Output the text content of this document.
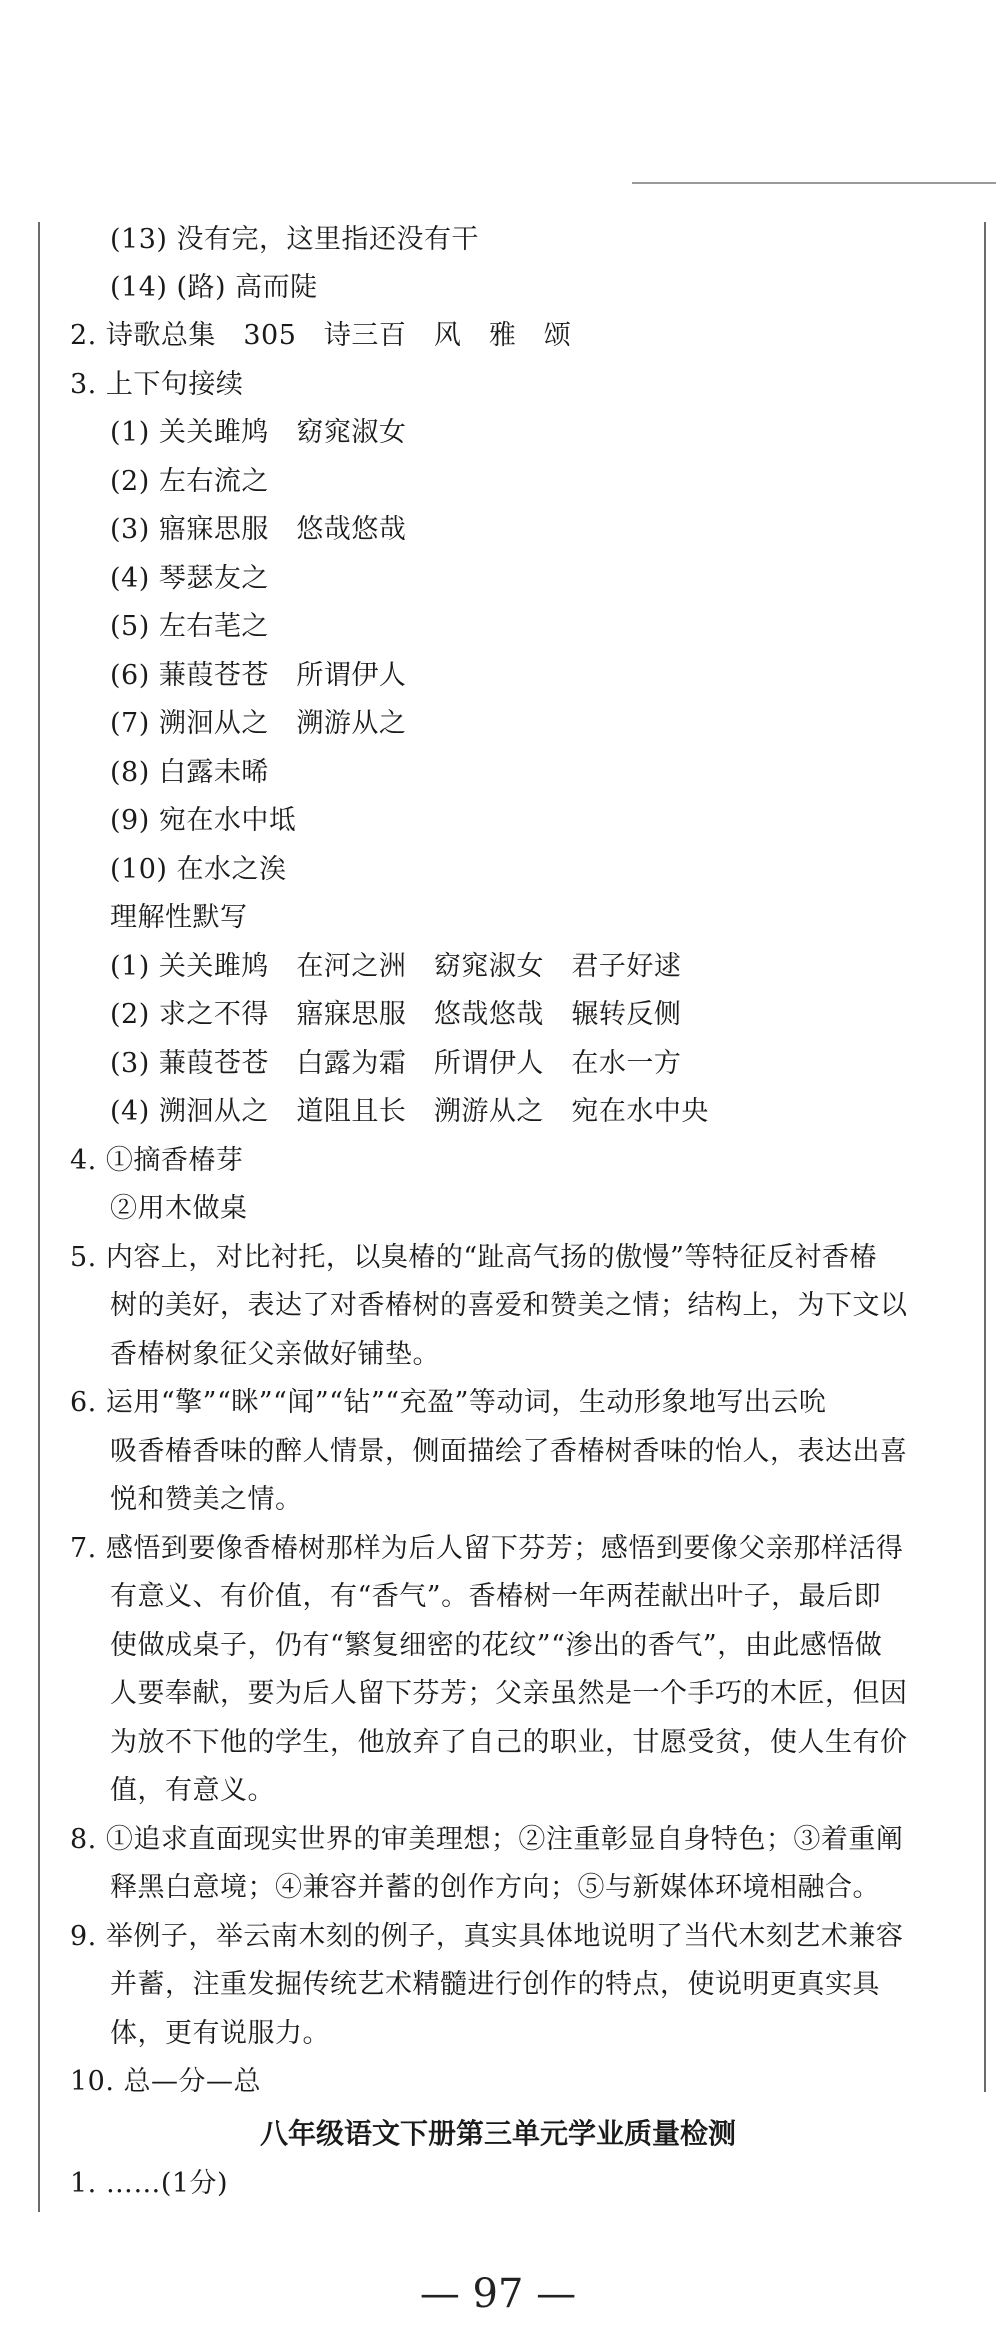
(13) 没有完，这里指还没有干
(14) (路) 高而陡
2. 诗歌总集　305　诗三百　风　雅　颂
3. 上下句接续
(1) 关关雎鸠　窈窕淑女
(2) 左右流之
(3) 寤寐思服　悠哉悠哉
(4) 琴瑟友之
(5) 左右芼之
(6) 蒹葭苍苍　所谓伊人
(7) 溯洄从之　溯游从之
(8) 白露未晞
(9) 宛在水中坻
(10) 在水之涘
理解性默写
(1) 关关雎鸠　在河之洲　窈窕淑女　君子好逑
(2) 求之不得　寤寐思服　悠哉悠哉　辗转反侧
(3) 蒹葭苍苍　白露为霜　所谓伊人　在水一方
(4) 溯洄从之　道阻且长　溯游从之　宛在水中央
4. ①摘香椿芽
②用木做桌
5. 内容上，对比衬托，以臭椿的“趾高气扬的傲慢”等特征反衬香椿
树的美好，表达了对香椿树的喜爱和赞美之情；结构上，为下文以
香椿树象征父亲做好铺垫。
6. 运用“擎”“眯”“闻”“钻”“充盈”等动词，生动形象地写出云吮
吸香椿香味的醉人情景，侧面描绘了香椿树香味的怡人，表达出喜
悦和赞美之情。
7. 感悟到要像香椿树那样为后人留下芬芳；感悟到要像父亲那样活得
有意义、有价值，有“香气”。香椿树一年两茬献出叶子，最后即
使做成桌子，仍有“繁复细密的花纹”“渗出的香气”，由此感悟做
人要奉献，要为后人留下芬芳；父亲虽然是一个手巧的木匠，但因
为放不下他的学生，他放弃了自己的职业，甘愿受贫，使人生有价
值，有意义。
8. ①追求直面现实世界的审美理想；②注重彰显自身特色；③着重阐
释黑白意境；④兼容并蓄的创作方向；⑤与新媒体环境相融合。
9. 举例子，举云南木刻的例子，真实具体地说明了当代木刻艺术兼容
并蓄，注重发掘传统艺术精髓进行创作的特点，使说明更真实具
体，更有说服力。
10. 总—分—总
八年级语文下册第三单元学业质量检测
1. ……(1分)
— 97 —
